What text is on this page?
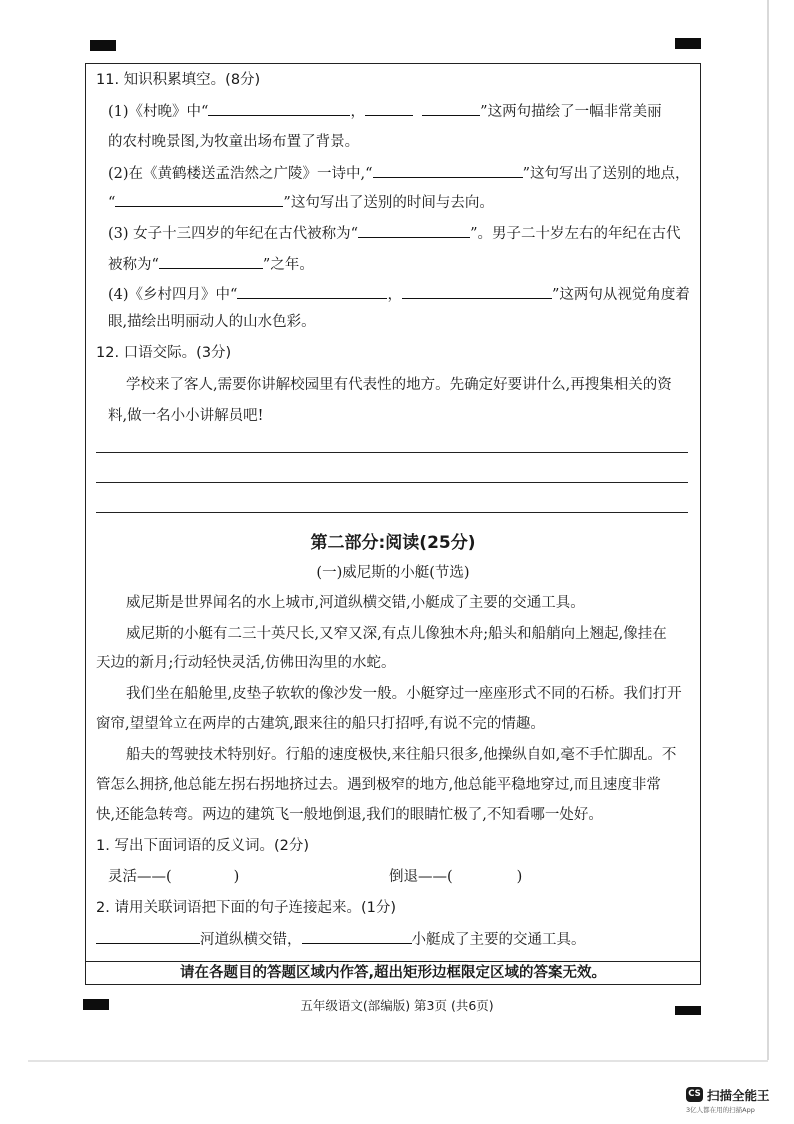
11. 知识积累填空。(8分)
(1)《村晚》中“	，	”这两句描绘了一幅非常美丽
的农村晚景图,为牧童出场布置了背景。
(2)在《黄鹤楼送孟浩然之广陵》一诗中,“	”这句写出了送别的地点，
“	”这句写出了送别的时间与去向。
(3) 女子十三四岁的年纪在古代被称为“	”。男子二十岁左右的年纪在古代
被称为“	”之年。
(4)《乡村四月》中“	，	”这两句从视觉角度着
眼,描绘出明丽动人的山水色彩。
12. 口语交际。(3分)
学校来了客人,需要你讲解校园里有代表性的地方。先确定好要讲什么,再搜集相关的资
料,做一名小小讲解员吧!
第二部分:阅读(25分)
(一)威尼斯的小艇(节选)
威尼斯是世界闻名的水上城市,河道纵横交错,小艇成了主要的交通工具。
威尼斯的小艇有二三十英尺长,又窄又深,有点儿像独木舟;船头和船艄向上翘起,像挂在
天边的新月;行动轻快灵活,仿佛田沟里的水蛇。
我们坐在船舱里,皮垫子软软的像沙发一般。小艇穿过一座座形式不同的石桥。我们打开
窗帘,望望耸立在两岸的古建筑,跟来往的船只打招呼,有说不完的情趣。
船夫的驾驶技术特别好。行船的速度极快,来往船只很多,他操纵自如,毫不手忙脚乱。不
管怎么拥挤,他总能左拐右拐地挤过去。遇到极窄的地方,他总能平稳地穿过,而且速度非常
快,还能急转弯。两边的建筑飞一般地倒退,我们的眼睛忙极了,不知看哪一处好。
1. 写出下面词语的反义词。(2分)
灵活——(	)	倒退——(	)
2. 请用关联词语把下面的句子连接起来。(1分)
河道纵横交错，	小艇成了主要的交通工具。
请在各题目的答题区域内作答,超出矩形边框限定区域的答案无效。
五年级语文(部编版) 第3页 (共6页)
CS 扫描全能王
3亿人都在用的扫描App
